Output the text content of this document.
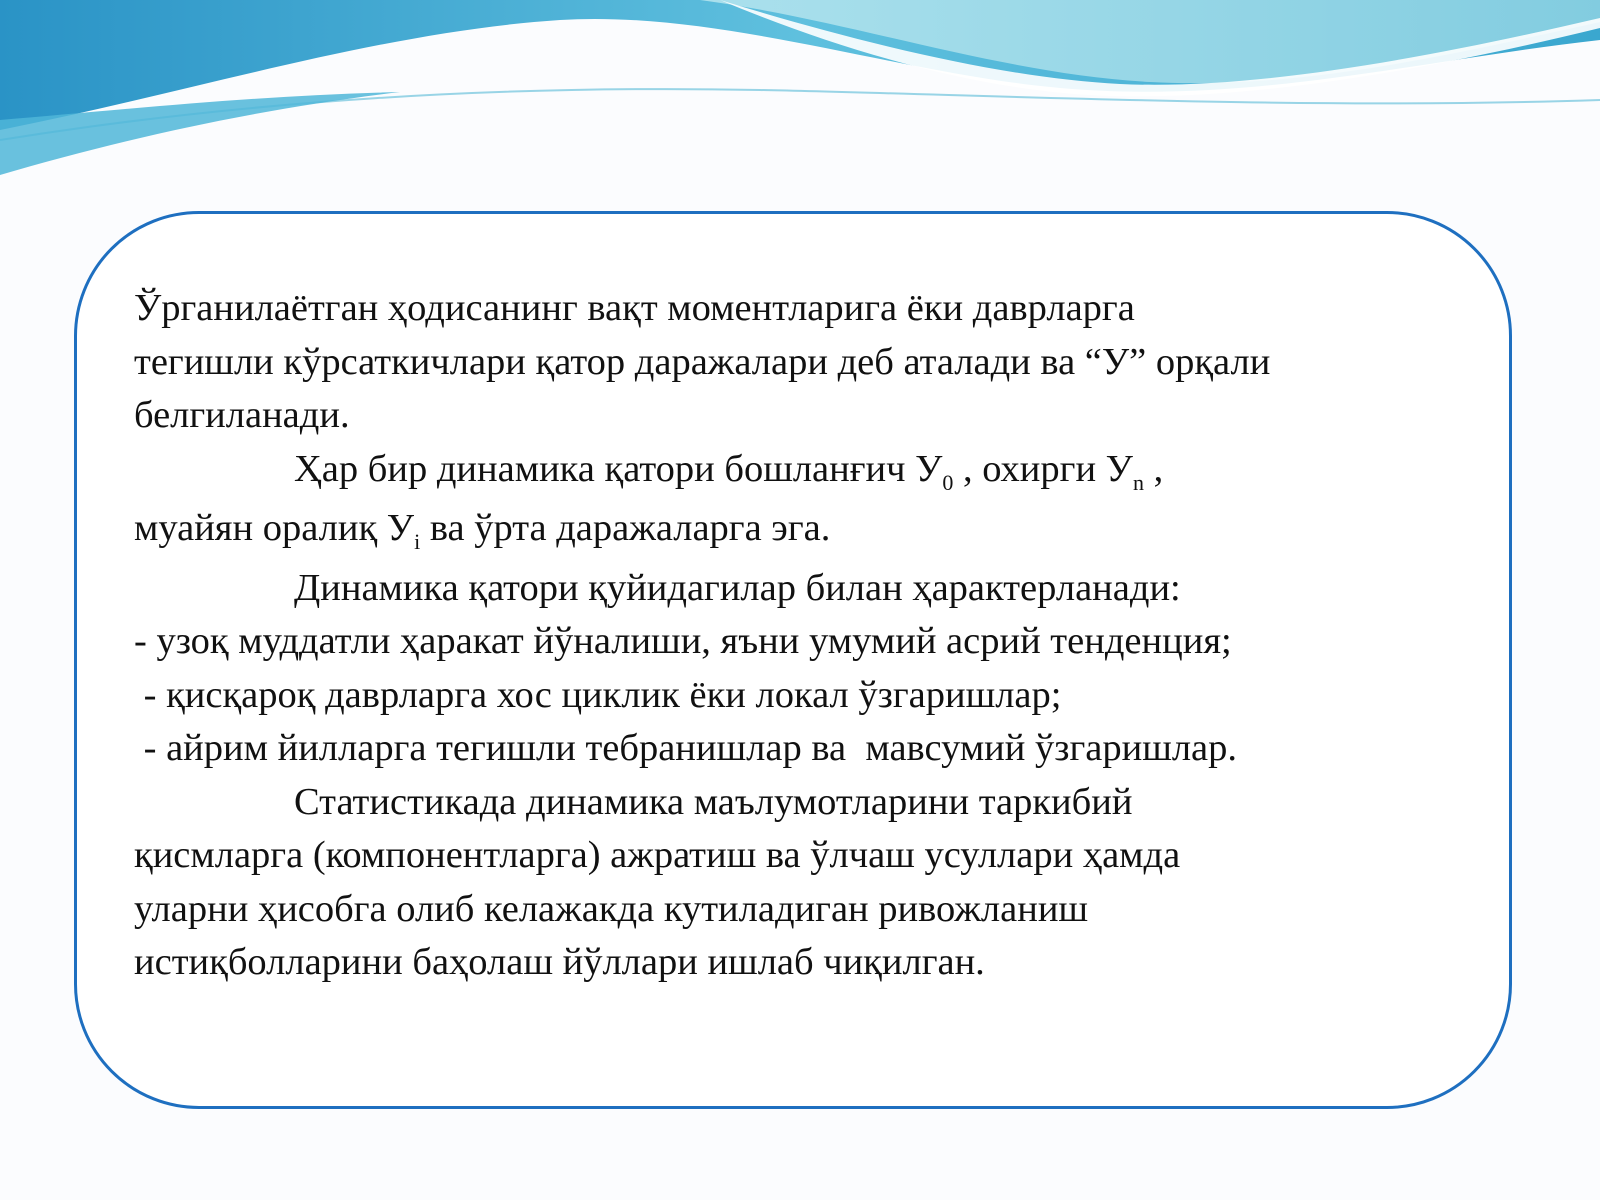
Ўрганилаётган ҳодисанинг вақт моментларига ёки даврларга
тегишли кўрсаткичлари қатор даражалари деб аталади ва “У” орқали
белгиланади.
Ҳар бир динамика қатори бошланғич $У_0$ , охирги $У_n$ ,
муайян оралиқ $У_i$ ва ўрта даражаларга эга.
Динамика қатори қуйидагилар билан ҳарактерланади:
- узоқ муддатли ҳаракат йўналиши, яъни умумий асрий тенденция;
- қисқароқ даврларга хос циклик ёки локал ўзгаришлар;
- айрим йилларга тегишли тебранишлар ва  мавсумий ўзгаришлар.
Статистикада динамика маълумотларини таркибий
қисмларга (компонентларга) ажратиш ва ўлчаш усуллари ҳамда
уларни ҳисобга олиб келажакда кутиладиган ривожланиш
истиқболларини баҳолаш йўллари ишлаб чиқилган.
